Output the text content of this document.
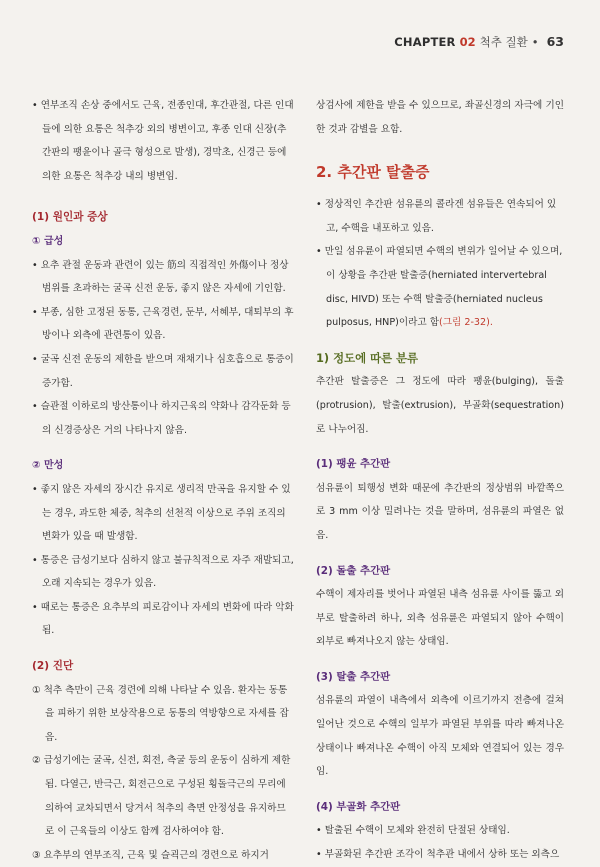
CHAPTER 02 척추 질환 • 63

• 연부조직 손상 중에서도 근육, 전종인대, 후간관절, 다른 인대들에 의한 요통은 척추강 외의 병변이고, 후종 인대 신장(추간판의 팽윤이나 골극 형성으로 발생), 경막초, 신경근 등에 의한 요통은 척추강 내의 병변임.

(1) 원인과 증상

① 급성

• 요추 관절 운동과 관련이 있는 筋의 직접적인 外傷이나 정상범위를 초과하는 굴곡 신전 운동, 좋지 않은 자세에 기인함.

• 부종, 심한 고정된 동통, 근육경련, 둔부, 서혜부, 대퇴부의 후방이나 외측에 관련통이 있음.

• 굴곡 신전 운동의 제한을 받으며 재채기나 심호흡으로 통증이 증가함.

• 슬관절 이하로의 방산통이나 하지근육의 약화나 감각둔화 등의 신경증상은 거의 나타나지 않음.

② 만성

• 좋지 않은 자세의 장시간 유지로 생리적 만곡을 유지할 수 있는 경우, 과도한 체중, 척추의 선천적 이상으로 주위 조직의 변화가 있을 때 발생함.

• 통증은 급성기보다 심하지 않고 불규칙적으로 자주 재발되고, 오래 지속되는 경우가 있음.

• 때로는 통증은 요추부의 피로감이나 자세의 변화에 따라 악화됨.

(2) 진단

① 척추 측만이 근육 경련에 의해 나타날 수 있음. 환자는 동통을 피하기 위한 보상작용으로 동통의 역방향으로 자세를 잡음.

② 급성기에는 굴곡, 신전, 회전, 측굴 등의 운동이 심하게 제한됨. 다열근, 반극근, 회전근으로 구성된 횡돌극근의 무리에 의하여 교차되면서 당겨서 척추의 측면 안정성을 유지하므로 이 근육들의 이상도 함께 검사하여야 함.

③ 요추부의 연부조직, 근육 및 슬괵근의 경련으로 하지거

상검사에 제한을 받을 수 있으므로, 좌골신경의 자극에 기인한 것과 감별을 요함.

2. 추간판 탈출증

• 정상적인 추간판 섬유륜의 콜라겐 섬유들은 연속되어 있고, 수핵을 내포하고 있음.

• 만일 섬유륜이 파열되면 수핵의 변위가 일어날 수 있으며, 이 상황을 추간판 탈출증(herniated intervertebral disc, HIVD) 또는 수핵 탈출증(herniated nucleus pulposus, HNP)이라고 함(그림 2-32).

1) 정도에 따른 분류

추간판 탈출증은 그 정도에 따라 팽윤(bulging), 돌출(protrusion), 탈출(extrusion), 부골화(sequestration)로 나누어짐.

(1) 팽윤 추간판

섬유륜이 퇴행성 변화 때문에 추간판의 정상범위 바깥쪽으로 3 mm 이상 밀려나는 것을 말하며, 섬유륜의 파열은 없음.

(2) 돌출 추간판

수핵이 제자리를 벗어나 파열된 내측 섬유륜 사이를 뚫고 외부로 탈출하려 하나, 외측 섬유륜은 파열되지 않아 수핵이 외부로 빠져나오지 않는 상태임.

(3) 탈출 추간판

섬유륜의 파열이 내측에서 외측에 이르기까지 전층에 걸쳐 일어난 것으로 수핵의 일부가 파열된 부위를 따라 빠져나온 상태이나 빠져나온 수핵이 아직 모체와 연결되어 있는 경우임.

(4) 부골화 추간판

• 탈출된 수핵이 모체와 완전히 단절된 상태임.

• 부골화된 추간판 조각이 척추관 내에서 상하 또는 외측으
